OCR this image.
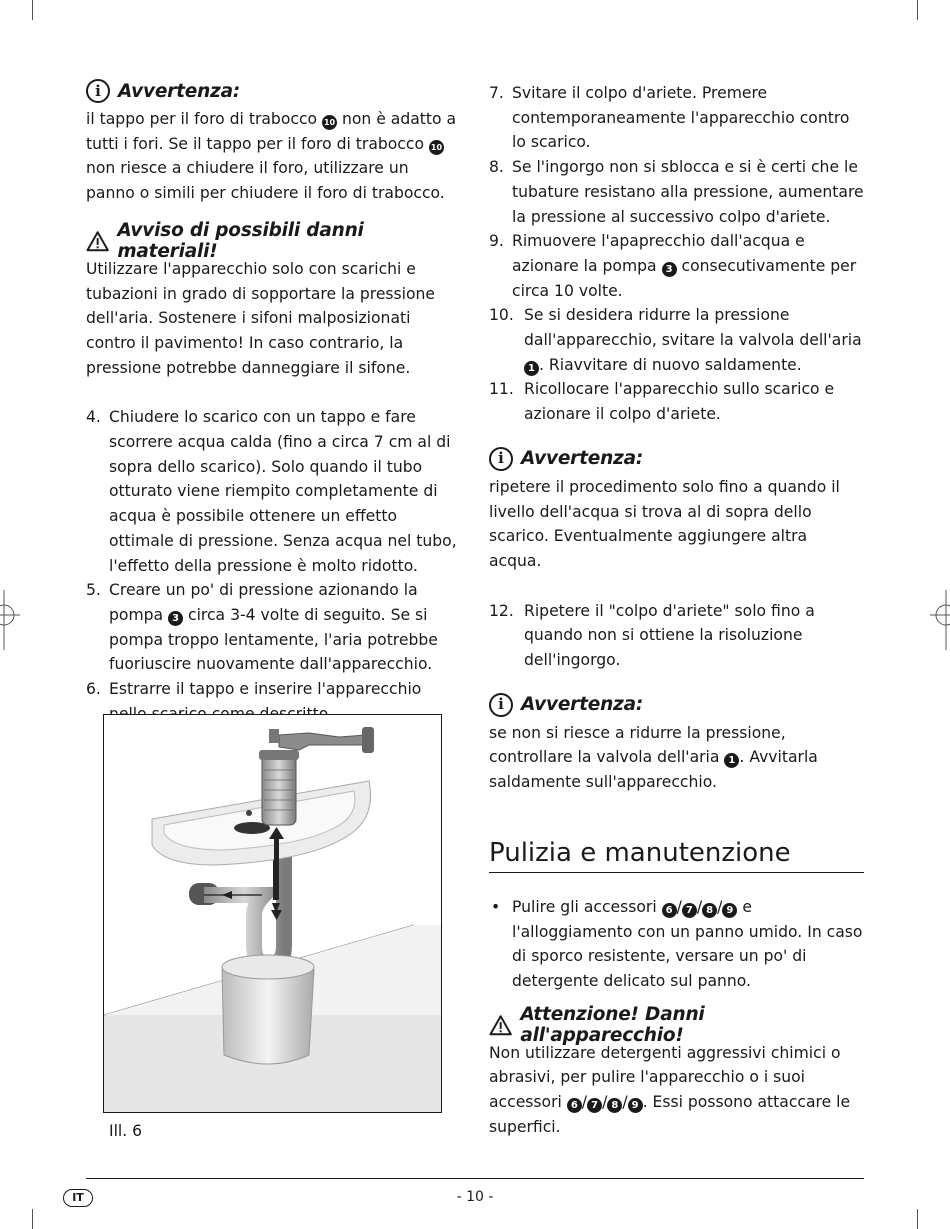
i Avvertenza:

il tappo per il foro di trabocco 10 non è adatto a tutti i fori. Se il tappo per il foro di trabocco 10 non riesce a chiudere il foro, utilizzare un panno o simili per chiudere il foro di trabocco.

Avviso di possibili danni materiali!

Utilizzare l'apparecchio solo con scarichi e tubazioni in grado di sopportare la pressione dell'aria. Sostenere i sifoni malposizionati contro il pavimento! In caso contrario, la pressione potrebbe danneggiare il sifone.

4. Chiudere lo scarico con un tappo e fare scorrere acqua calda (fino a circa 7 cm al di sopra dello scarico). Solo quando il tubo otturato viene riempito completamente di acqua è possibile ottenere un effetto ottimale di pressione. Senza acqua nel tubo, l'effetto della pressione è molto ridotto.
5. Creare un po' di pressione azionando la pompa 3 circa 3-4 volte di seguito. Se si pompa troppo lentamente, l'aria potrebbe fuoriuscire nuovamente dall'apparecchio.
6. Estrarre il tappo e inserire l'apparecchio
Ill. 6
7. Svitare il colpo d'ariete. Premere contemporaneamente l'apparecchio contro lo scarico.
8. Se l'ingorgo non si sblocca e si è certi che le tubature resistano alla pressione, aumentare la pressione al successivo colpo d'ariete.
9. Rimuovere l'apaprecchio dall'acqua e azionare la pompa 3 consecutivamente per circa 10 volte.
10. Se si desidera ridurre la pressione dall'apparecchio, svitare la valvola dell'aria 1 . Riavvitare di nuovo saldamente.
11. Ricollocare l'apparecchio sullo scarico e azionare il colpo d'ariete.
i Avvertenza:

ripetere il procedimento solo fino a quando il livello dell'acqua si trova al di sopra dello scarico. Eventualmente aggiungere altra acqua.

12. Ripetere il "colpo d'ariete" solo fino a quando non si ottiene la risoluzione dell'ingorgo.
i Avvertenza:

se non si riesce a ridurre la pressione, controllare la valvola dell'aria 1 . Avvitarla saldamente sull'apparecchio.

Pulizia e manutenzione

• Pulire gli accessori 6 / 7 / 8 / 9 e l'alloggiamento con un panno umido. In caso di sporco resistente, versare un po' di detergente delicato sul panno.

Attenzione! Danni all'apparecchio!

Non utilizzare detergenti aggressivi chimici o abrasivi, per pulire l'apparecchio o i suoi accessori 6 / 7 / 8 / 9 . Essi possono attaccare le superfici.

IT	- 10 -
